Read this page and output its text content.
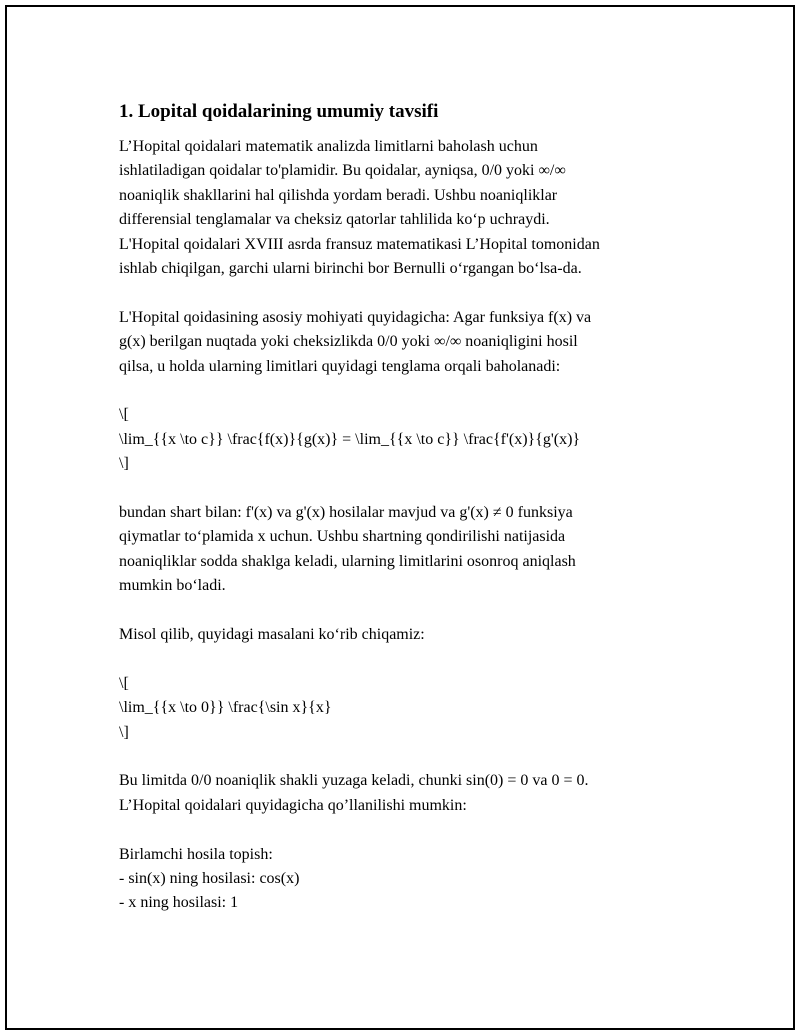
1. Lopital qoidalarining umumiy tavsifi

L’Hopital qoidalari matematik analizda limitlarni baholash uchun
ishlatiladigan qoidalar to'plamidir. Bu qoidalar, ayniqsa, 0/0 yoki ∞/∞
noaniqlik shakllarini hal qilishda yordam beradi. Ushbu noaniqliklar
differensial tenglamalar va cheksiz qatorlar tahlilida ko‘p uchraydi.
L'Hopital qoidalari XVIII asrda fransuz matematikasi L’Hopital tomonidan
ishlab chiqilgan, garchi ularni birinchi bor Bernulli o‘rgangan bo‘lsa-da.

L'Hopital qoidasining asosiy mohiyati quyidagicha: Agar funksiya f(x) va
g(x) berilgan nuqtada yoki cheksizlikda 0/0 yoki ∞/∞ noaniqligini hosil
qilsa, u holda ularning limitlari quyidagi tenglama orqali baholanadi:

\[
\lim_{{x \to c}} \frac{f(x)}{g(x)} = \lim_{{x \to c}} \frac{f'(x)}{g'(x)}
\]

bundan shart bilan: f'(x) va g'(x) hosilalar mavjud va g'(x) ≠ 0 funksiya
qiymatlar to‘plamida x uchun. Ushbu shartning qondirilishi natijasida
noaniqliklar sodda shaklga keladi, ularning limitlarini osonroq aniqlash
mumkin bo‘ladi.

Misol qilib, quyidagi masalani ko‘rib chiqamiz:

\[
\lim_{{x \to 0}} \frac{\sin x}{x}
\]

Bu limitda 0/0 noaniqlik shakli yuzaga keladi, chunki sin(0) = 0 va 0 = 0.
L’Hopital qoidalari quyidagicha qo’llanilishi mumkin:

Birlamchi hosila topish:
- sin(x) ning hosilasi: cos(x)
- x ning hosilasi: 1
